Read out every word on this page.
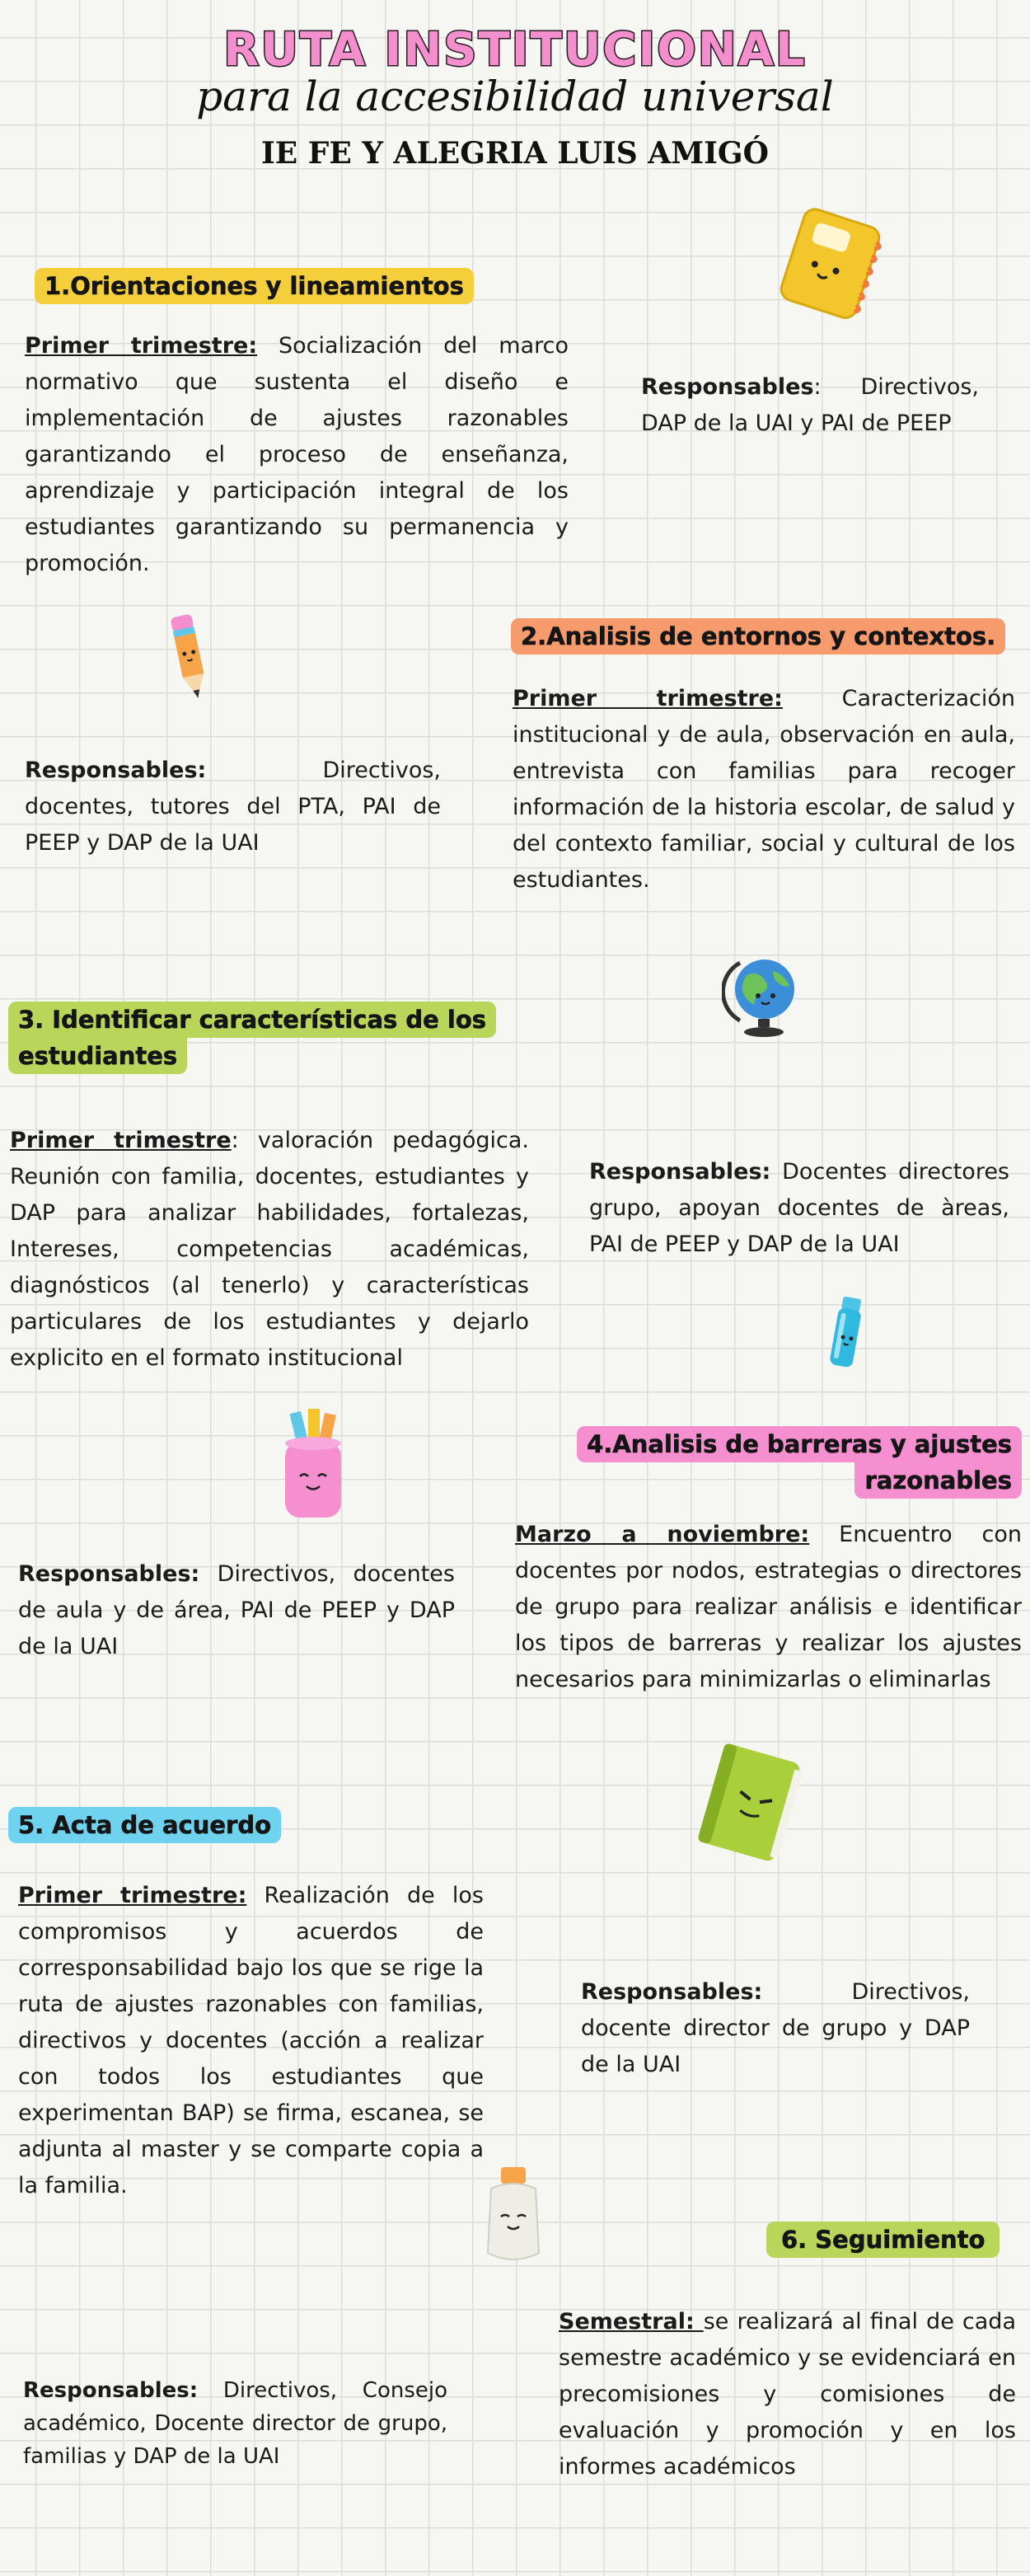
RUTA INSTITUCIONAL
para la accesibilidad universal
IE FE Y ALEGRIA LUIS AMIGÓ
1.Orientaciones y lineamientos
Primer trimestre: Socialización del marco normativo que sustenta el diseño e implementación de ajustes razonables garantizando el proceso de enseñanza, aprendizaje y participación integral de los estudiantes garantizando su permanencia y promoción.
Responsables: Directivos, DAP de la UAI y PAI de PEEP
2.Analisis de entornos y contextos.
Primer trimestre: Caracterización institucional y de aula, observación en aula, entrevista con familias para recoger información de la historia escolar, de salud y del contexto familiar, social y cultural de los estudiantes.
Responsables: Directivos, docentes, tutores del PTA, PAI de PEEP y DAP de la UAI
3. Identificar características de los
estudiantes
Primer trimestre: valoración pedagógica. Reunión con familia, docentes, estudiantes y DAP para analizar habilidades, fortalezas, Intereses, competencias académicas, diagnósticos (al tenerlo) y características particulares de los estudiantes y dejarlo explicito en el formato institucional
Responsables: Docentes directores grupo, apoyan docentes de àreas, PAI de PEEP y DAP de la UAI
4.Analisis de barreras y ajustes
razonables
Marzo a noviembre: Encuentro con docentes por nodos, estrategias o directores de grupo para realizar análisis e identificar los tipos de barreras y realizar los ajustes necesarios para minimizarlas o eliminarlas
Responsables: Directivos, docentes de aula y de área, PAI de PEEP y DAP de la UAI
5. Acta de acuerdo
Primer trimestre: Realización de los compromisos y acuerdos de corresponsabilidad bajo los que se rige la ruta de ajustes razonables con familias, directivos y docentes (acción a realizar con todos los estudiantes que experimentan BAP) se firma, escanea, se adjunta al master y se comparte copia a la familia.
Responsables: Directivos, docente director de grupo y DAP de la UAI
6. Seguimiento
Semestral: se realizará al final de cada semestre académico y se evidenciará en precomisiones y comisiones de evaluación y promoción y en los informes académicos
Responsables: Directivos, Consejo académico, Docente director de grupo, familias y DAP de la UAI
